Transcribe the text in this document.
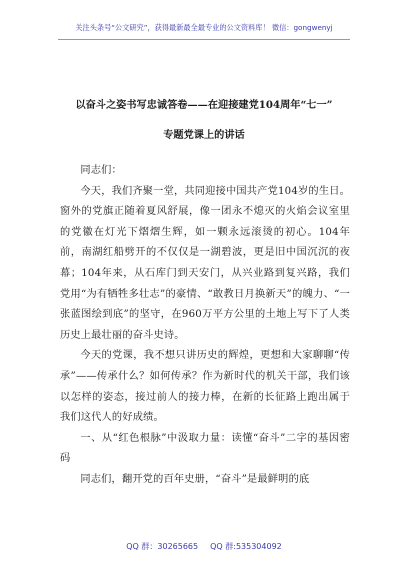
关注头条号“公文研究”，获得最新最全最专业的公文资料库！ 微信：gongwenyj
以奋斗之姿书写忠诚答卷——在迎接建党104周年“七一”
专题党课上的讲话

同志们：

今天，我们齐聚一堂，共同迎接中国共产党104岁的生日。窗外的党旗正随着夏风舒展，像一团永不熄灭的火焰会议室里的党徽在灯光下熠熠生辉，如一颗永远滚烫的初心。104年前，南湖红船劈开的不仅仅是一湖碧波，更是旧中国沉沉的夜幕；104年来，从石库门到天安门，从兴业路到复兴路，我们党用“为有牺牲多壮志”的豪情、“敢教日月换新天”的魄力、“一张蓝图绘到底”的坚守，在960万平方公里的土地上写下了人类历史上最壮丽的奋斗史诗。

今天的党课，我不想只讲历史的辉煌，更想和大家聊聊“传承”——传承什么？如何传承？作为新时代的机关干部，我们该以怎样的姿态，接过前人的接力棒，在新的长征路上跑出属于我们这代人的好成绩。

一、从“红色根脉”中汲取力量：读懂“奋斗”二字的基因密码

同志们，翻开党的百年史册，“奋斗”是最鲜明的底

QQ 群：30265665 QQ 群:535304092
